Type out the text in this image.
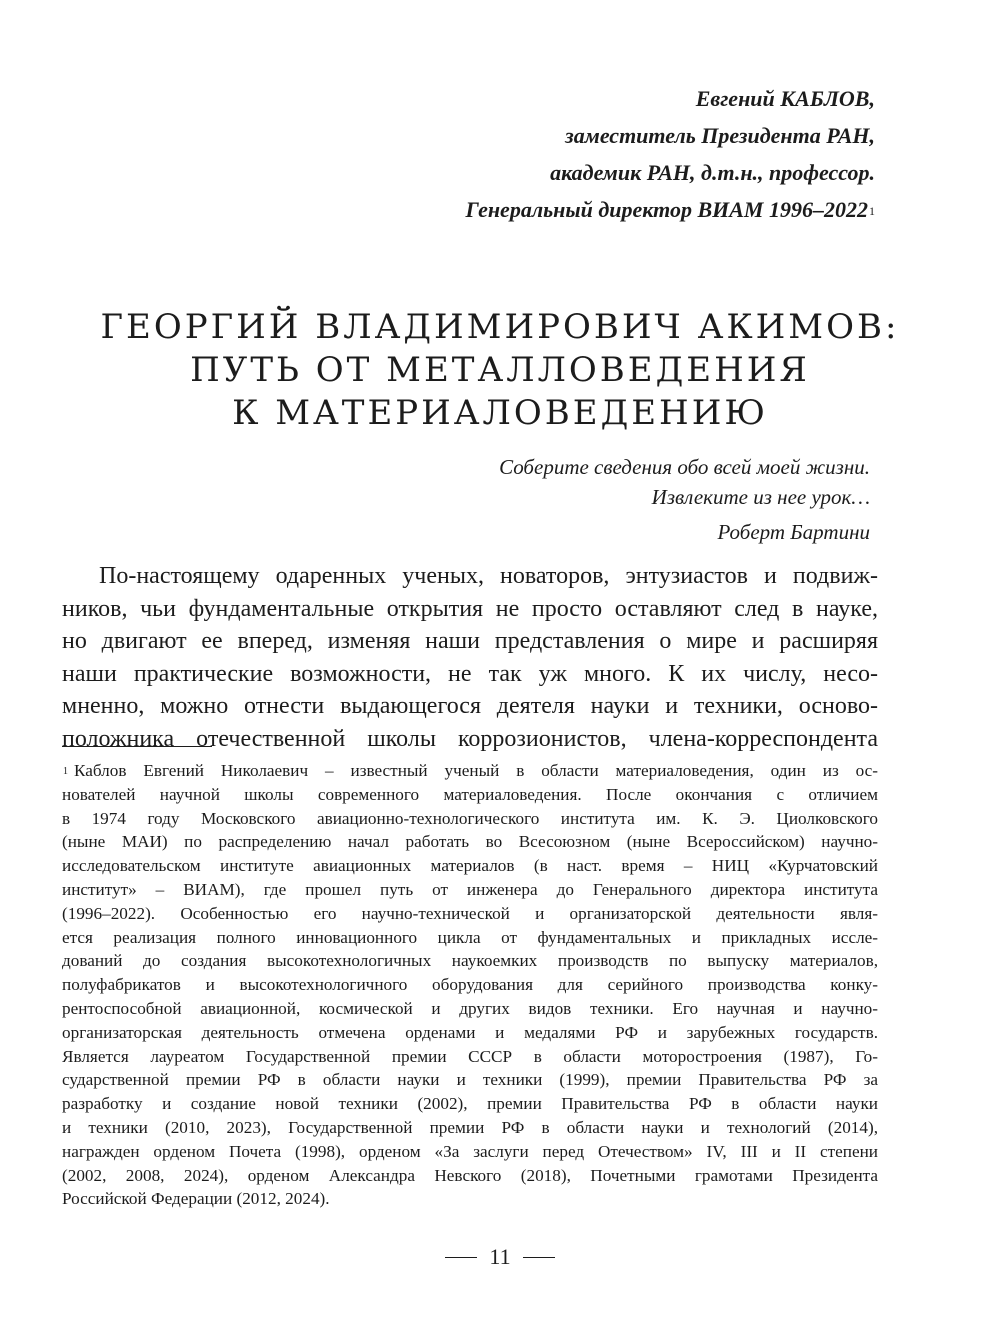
Евгений КАБЛОВ,
заместитель Президента РАН,
академик РАН, д.т.н., профессор.
Генеральный директор ВИАМ 1996–2022$^1$
ГЕОРГИЙ ВЛАДИМИРОВИЧ АКИМОВ:
ПУТЬ ОТ МЕТАЛЛОВЕДЕНИЯ
К МАТЕРИАЛОВЕДЕНИЮ
Соберите сведения обо всей моей жизни.
Извлеките из нее урок…
Роберт Бартини
По-настоящему одаренных ученых, новаторов, энтузиастов и подвиж-
ников, чьи фундаментальные открытия не просто оставляют след в науке,
но двигают ее вперед, изменяя наши представления о мире и расширяя
наши практические возможности, не так уж много. К их числу, несо-
мненно, можно отнести выдающегося деятеля науки и техники, осново-
положника отечественной школы коррозионистов, члена-корреспондента
$^1$ Каблов Евгений Николаевич – известный ученый в области материаловедения, один из ос-
нователей научной школы современного материаловедения. После окончания с отличием
в 1974 году Московского авиационно-технологического института им. К. Э. Циолковского
(ныне МАИ) по распределению начал работать во Всесоюзном (ныне Всероссийском) научно-
исследовательском институте авиационных материалов (в наст. время – НИЦ «Курчатовский
институт» – ВИАМ), где прошел путь от инженера до Генерального директора института
(1996–2022). Особенностью его научно-технической и организаторской деятельности явля-
ется реализация полного инновационного цикла от фундаментальных и прикладных иссле-
дований до создания высокотехнологичных наукоемких производств по выпуску материалов,
полуфабрикатов и высокотехнологичного оборудования для серийного производства конку-
рентоспособной авиационной, космической и других видов техники. Его научная и научно-
организаторская деятельность отмечена орденами и медалями РФ и зарубежных государств.
Является лауреатом Государственной премии СССР в области моторостроения (1987), Го-
сударственной премии РФ в области науки и техники (1999), премии Правительства РФ за
разработку и создание новой техники (2002), премии Правительства РФ в области науки
и техники (2010, 2023), Государственной премии РФ в области науки и технологий (2014),
награжден орденом Почета (1998), орденом «За заслуги перед Отечеством» IV, III и II степени
(2002, 2008, 2024), орденом Александра Невского (2018), Почетными грамотами Президента
Российской Федерации (2012, 2024).
11
